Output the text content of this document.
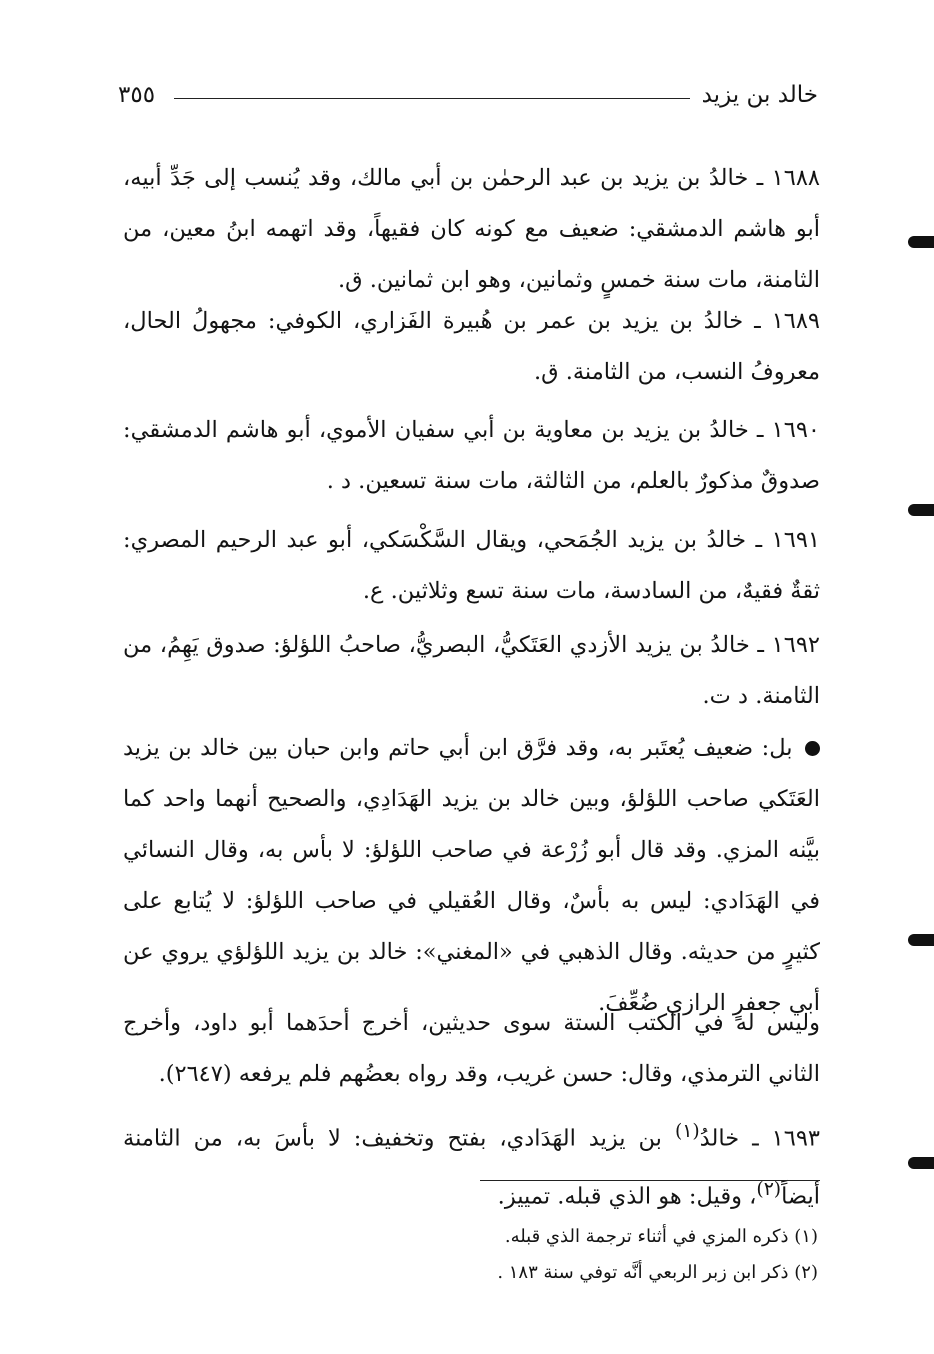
خالد بن يزيد
٣٥٥

١٦٨٨ ـ خالدُ بن يزيد بن عبد الرحمٰن بن أبي مالك، وقد يُنسب إلى جَدِّ أبيه، أبو هاشم الدمشقي: ضعيف مع كونه كان فقيهاً، وقد اتهمه ابنُ معين، من الثامنة، مات سنة خمسٍ وثمانين، وهو ابن ثمانين. ق.

١٦٨٩ ـ خالدُ بن يزيد بن عمر بن هُبيرة الفَزاري، الكوفي: مجهولُ الحال، معروفُ النسب، من الثامنة. ق.

١٦٩٠ ـ خالدُ بن يزيد بن معاوية بن أبي سفيان الأموي، أبو هاشم الدمشقي: صدوقٌ مذكورٌ بالعلم، من الثالثة، مات سنة تسعين. د .

١٦٩١ ـ خالدُ بن يزيد الجُمَحي، ويقال السَّكْسَكي، أبو عبد الرحيم المصري: ثقةٌ فقيهٌ، من السادسة، مات سنة تسع وثلاثين. ع.

١٦٩٢ ـ خالدُ بن يزيد الأزدي العَتَكيُّ، البصريُّ، صاحبُ اللؤلؤ: صدوق يَهِمُ، من الثامنة. د ت.

بل: ضعيف يُعتَبر به، وقد فرَّق ابن أبي حاتم وابن حبان بين خالد بن يزيد العَتَكي صاحب اللؤلؤ، وبين خالد بن يزيد الهَدَادِي، والصحيح أنهما واحد كما بيَّنه المزي. وقد قال أبو زُرْعة في صاحب اللؤلؤ: لا بأس به، وقال النسائي في الهَدَادي: ليس به بأسٌ، وقال العُقيلي في صاحب اللؤلؤ: لا يُتابع على كثيرٍ من حديثه. وقال الذهبي في «المغني»: خالد بن يزيد اللؤلؤي يروي عن أبي جعفرٍ الرازي ضُعِّفَ.

وليس له في الكتب الستة سوى حديثين، أخرج أحدَهما أبو داود، وأخرج الثاني الترمذي، وقال: حسن غريب، وقد رواه بعضُهم فلم يرفعه (٢٦٤٧).

١٦٩٣ ـ خالدُ$^{(١)}$ بن يزيد الهَدَادي، بفتح وتخفيف: لا بأسَ به، من الثامنة أيضاً$^{(٢)}$، وقيل: هو الذي قبله. تمييز.

(١) ذكره المزي في أثناء ترجمة الذي قبله.

(٢) ذكر ابن زبر الربعي أنَّه توفي سنة ١٨٣ .
